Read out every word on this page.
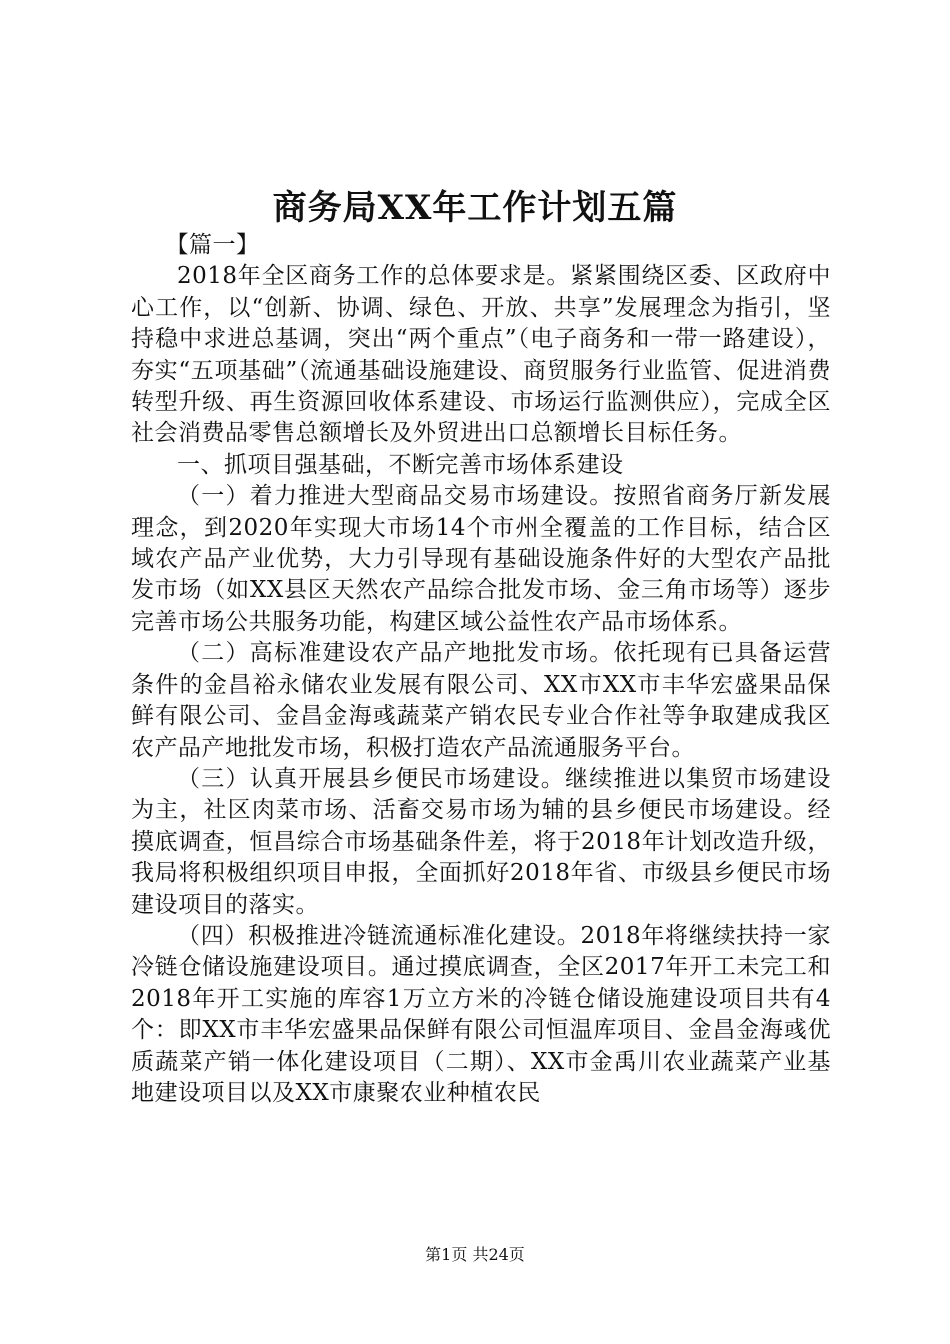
商务局XX年工作计划五篇

【篇一】

2018年全区商务工作的总体要求是。紧紧围绕区委、区政府中心工作，以“创新、协调、绿色、开放、共享”发展理念为指引，坚持稳中求进总基调，突出“两个重点”（电子商务和一带一路建设），夯实“五项基础”（流通基础设施建设、商贸服务行业监管、促进消费转型升级、再生资源回收体系建设、市场运行监测供应），完成全区社会消费品零售总额增长及外贸进出口总额增长目标任务。

一、抓项目强基础，不断完善市场体系建设

（一）着力推进大型商品交易市场建设。按照省商务厅新发展理念，到2020年实现大市场14个市州全覆盖的工作目标，结合区域农产品产业优势，大力引导现有基础设施条件好的大型农产品批发市场（如XX县区天然农产品综合批发市场、金三角市场等）逐步完善市场公共服务功能，构建区域公益性农产品市场体系。

（二）高标准建设农产品产地批发市场。依托现有已具备运营条件的金昌裕永储农业发展有限公司、XX市XX市丰华宏盛果品保鲜有限公司、金昌金海彧蔬菜产销农民专业合作社等争取建成我区农产品产地批发市场，积极打造农产品流通服务平台。

（三）认真开展县乡便民市场建设。继续推进以集贸市场建设为主，社区肉菜市场、活畜交易市场为辅的县乡便民市场建设。经摸底调查，恒昌综合市场基础条件差，将于2018年计划改造升级，我局将积极组织项目申报，全面抓好2018年省、市级县乡便民市场建设项目的落实。

（四）积极推进冷链流通标准化建设。2018年将继续扶持一家冷链仓储设施建设项目。通过摸底调查，全区2017年开工未完工和2018年开工实施的库容1万立方米的冷链仓储设施建设项目共有4个：即XX市丰华宏盛果品保鲜有限公司恒温库项目、金昌金海彧优质蔬菜产销一体化建设项目（二期）、XX市金禹川农业蔬菜产业基地建设项目以及XX市康聚农业种植农民

第1页 共24页
